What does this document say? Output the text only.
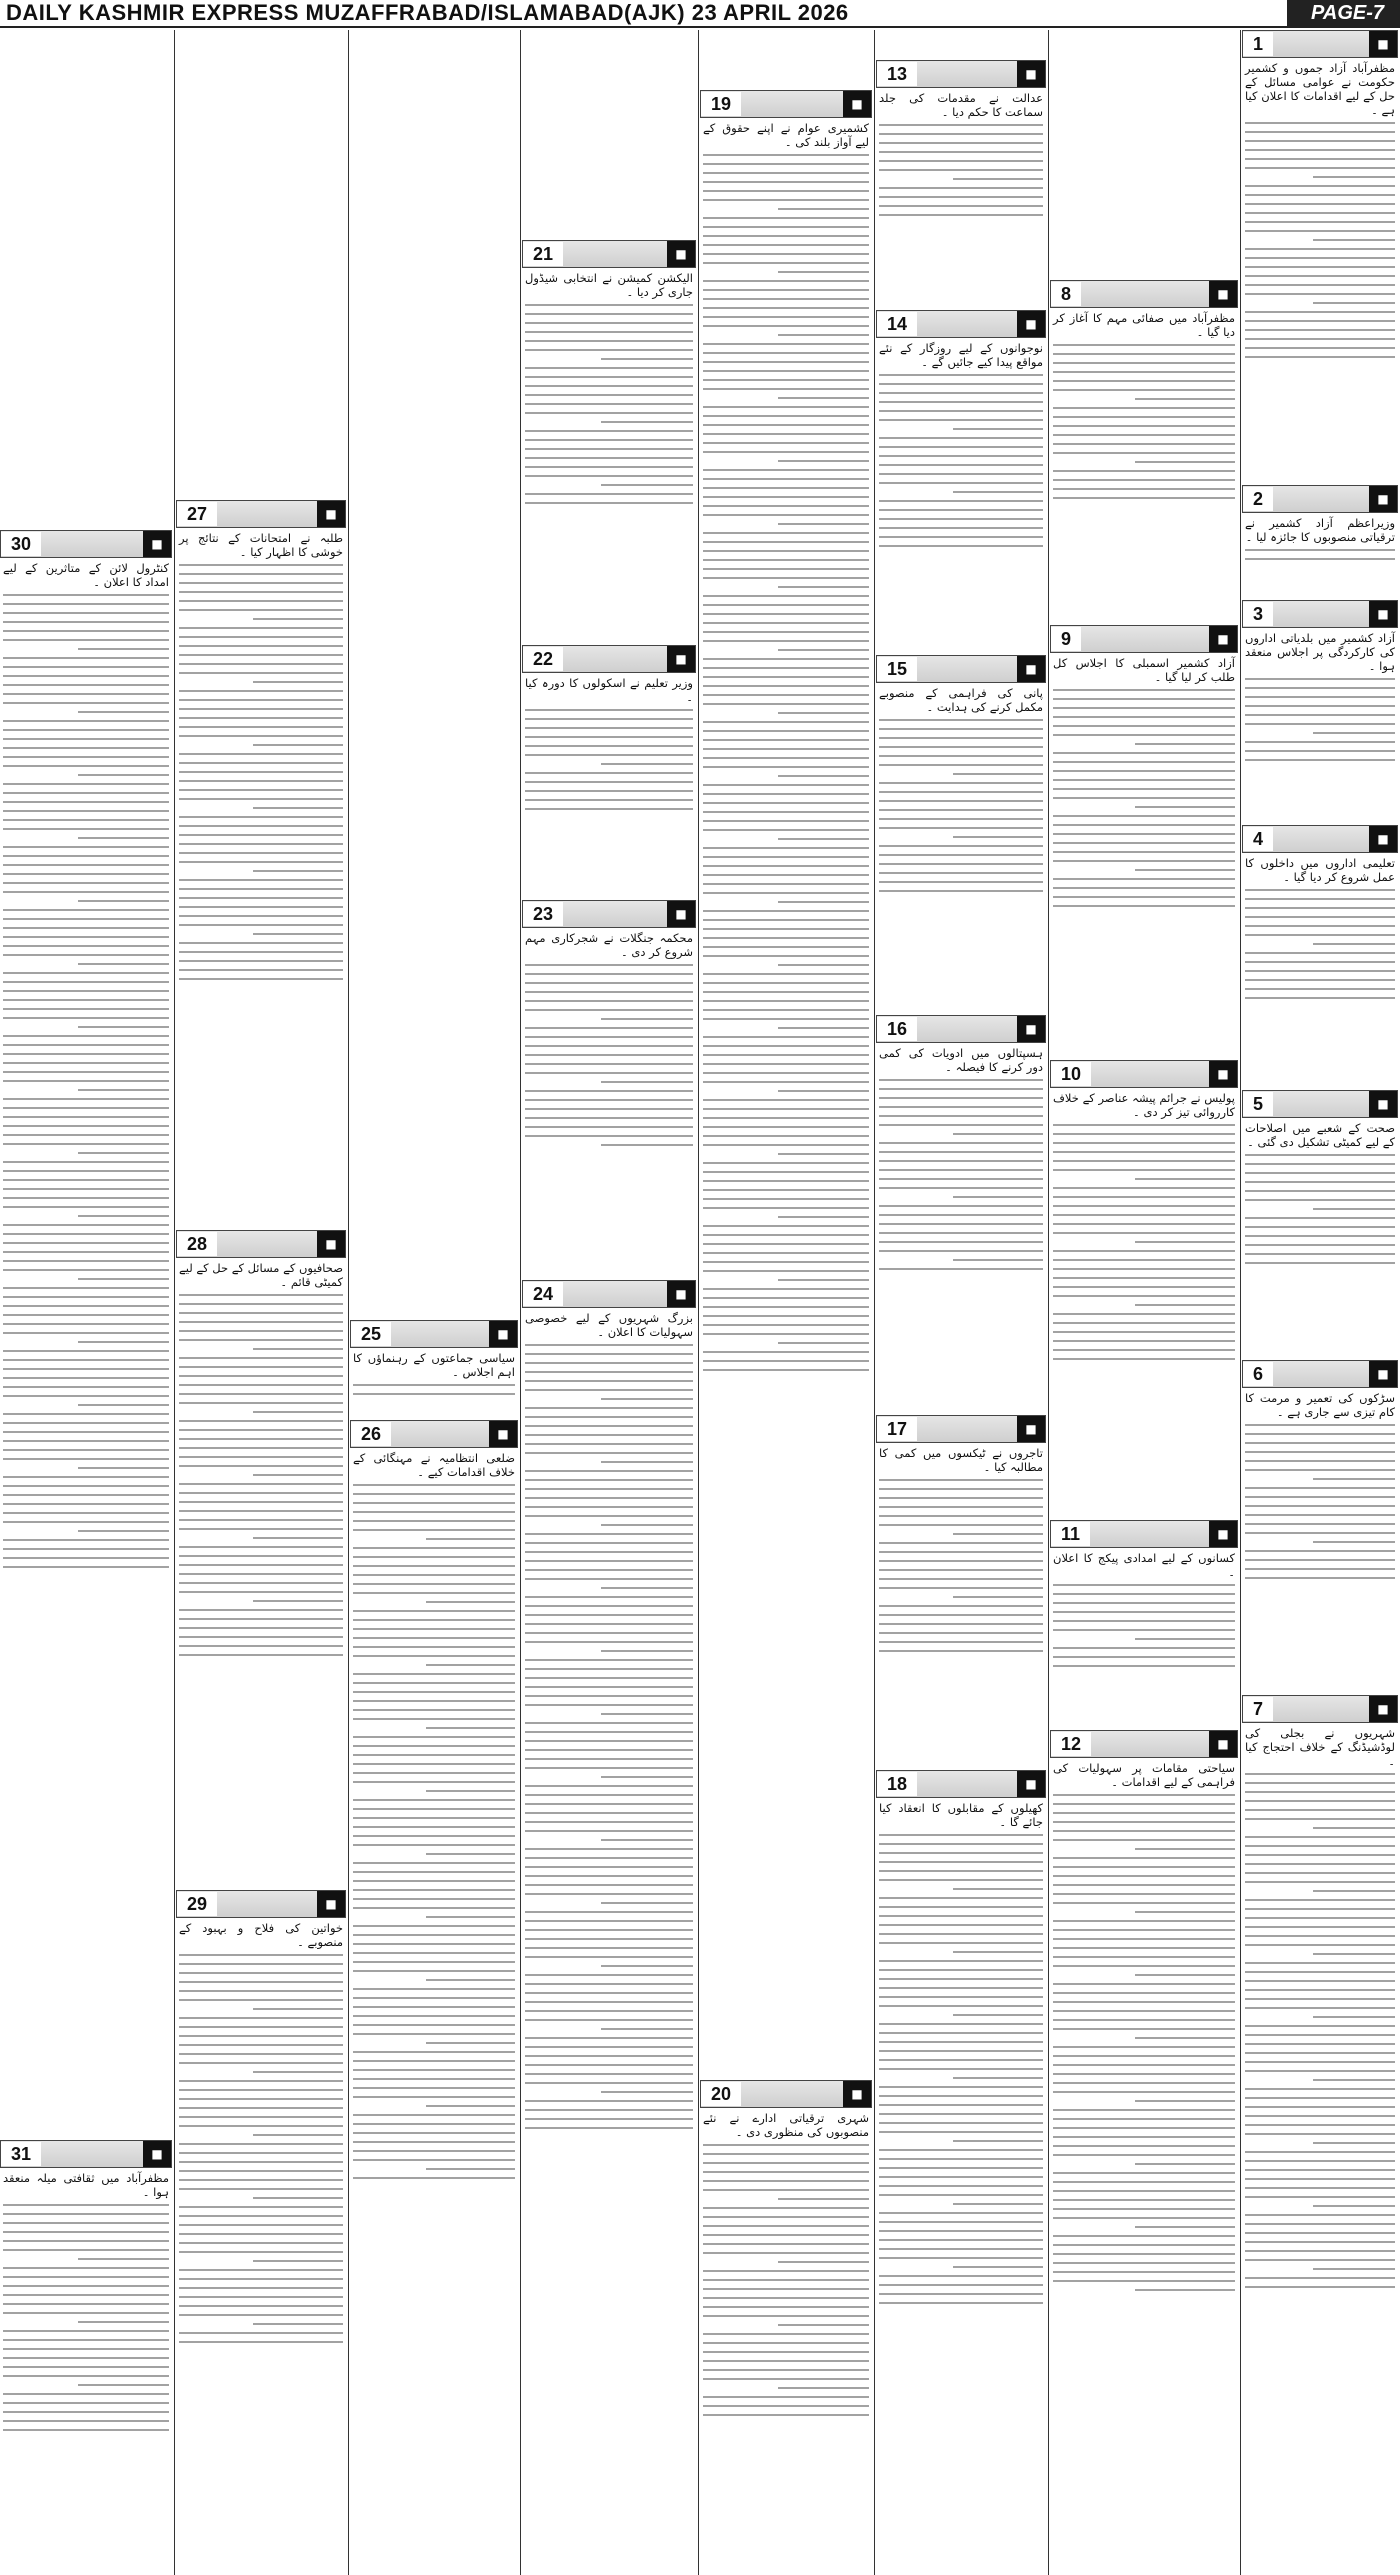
DAILY KASHMIR EXPRESS MUZAFFRABAD/ISLAMABAD(AJK) 23 APRIL 2026	PAGE-7
1	■
مظفرآباد آزاد جموں و کشمیر حکومت نے عوامی مسائل کے حل کے لیے اقدامات کا اعلان کیا ہے ۔
2	■
وزیراعظم آزاد کشمیر نے ترقیاتی منصوبوں کا جائزہ لیا ۔
3	■
آزاد کشمیر میں بلدیاتی اداروں کی کارکردگی پر اجلاس منعقد ہوا ۔
4	■
تعلیمی اداروں میں داخلوں کا عمل شروع کر دیا گیا ۔
5	■
صحت کے شعبے میں اصلاحات کے لیے کمیٹی تشکیل دی گئی ۔
6	■
سڑکوں کی تعمیر و مرمت کا کام تیزی سے جاری ہے ۔
7	■
شہریوں نے بجلی کی لوڈشیڈنگ کے خلاف احتجاج کیا ۔
8	■
مظفرآباد میں صفائی مہم کا آغاز کر دیا گیا ۔
9	■
آزاد کشمیر اسمبلی کا اجلاس کل طلب کر لیا گیا ۔
10	■
پولیس نے جرائم پیشہ عناصر کے خلاف کارروائی تیز کر دی ۔
11	■
کسانوں کے لیے امدادی پیکج کا اعلان ۔
12	■
سیاحتی مقامات پر سہولیات کی فراہمی کے لیے اقدامات ۔
13	■
عدالت نے مقدمات کی جلد سماعت کا حکم دیا ۔
14	■
نوجوانوں کے لیے روزگار کے نئے مواقع پیدا کیے جائیں گے ۔
15	■
پانی کی فراہمی کے منصوبے مکمل کرنے کی ہدایت ۔
16	■
ہسپتالوں میں ادویات کی کمی دور کرنے کا فیصلہ ۔
17	■
تاجروں نے ٹیکسوں میں کمی کا مطالبہ کیا ۔
18	■
کھیلوں کے مقابلوں کا انعقاد کیا جائے گا ۔
19	■
کشمیری عوام نے اپنے حقوق کے لیے آواز بلند کی ۔
20	■
شہری ترقیاتی ادارے نے نئے منصوبوں کی منظوری دی ۔
21	■
الیکشن کمیشن نے انتخابی شیڈول جاری کر دیا ۔
22	■
وزیر تعلیم نے اسکولوں کا دورہ کیا ۔
23	■
محکمہ جنگلات نے شجرکاری مہم شروع کر دی ۔
24	■
بزرگ شہریوں کے لیے خصوصی سہولیات کا اعلان ۔
25	■
سیاسی جماعتوں کے رہنماؤں کا اہم اجلاس ۔
26	■
ضلعی انتظامیہ نے مہنگائی کے خلاف اقدامات کیے ۔
27	■
طلبہ نے امتحانات کے نتائج پر خوشی کا اظہار کیا ۔
28	■
صحافیوں کے مسائل کے حل کے لیے کمیٹی قائم ۔
29	■
خواتین کی فلاح و بہبود کے منصوبے ۔
30	■
کنٹرول لائن کے متاثرین کے لیے امداد کا اعلان ۔
31	■
مظفرآباد میں ثقافتی میلہ منعقد ہوا ۔
